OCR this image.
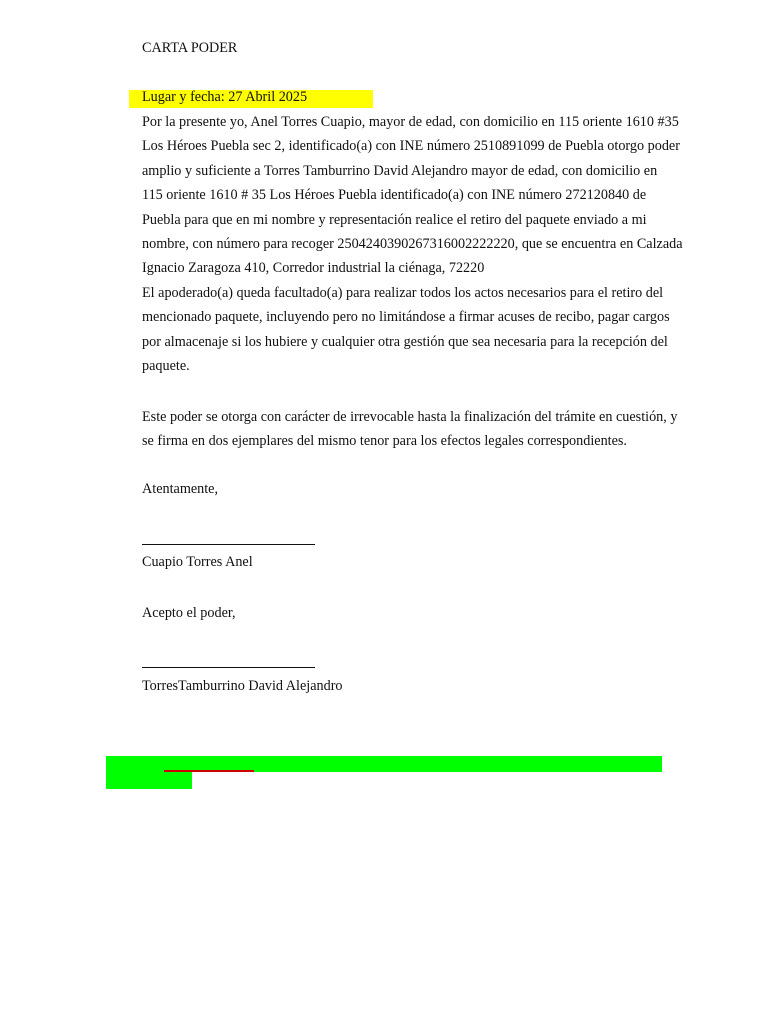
CARTA PODER
Lugar y fecha: 27 Abril 2025
Por la presente yo, Anel Torres Cuapio, mayor de edad, con domicilio en 115 oriente 1610 #35
Los Héroes Puebla sec 2, identificado(a) con INE número 2510891099 de Puebla otorgo poder
amplio y suficiente a Torres Tamburrino David Alejandro mayor de edad, con domicilio en
115 oriente 1610 # 35 Los Héroes Puebla identificado(a) con INE número 272120840 de
Puebla para que en mi nombre y representación realice el retiro del paquete enviado a mi
nombre, con número para recoger 2504240390267316002222220, que se encuentra en Calzada
Ignacio Zaragoza 410, Corredor industrial la ciénaga, 72220
El apoderado(a) queda facultado(a) para realizar todos los actos necesarios para el retiro del
mencionado paquete, incluyendo pero no limitándose a firmar acuses de recibo, pagar cargos
por almacenaje si los hubiere y cualquier otra gestión que sea necesaria para la recepción del
paquete.
Este poder se otorga con carácter de irrevocable hasta la finalización del trámite en cuestión, y
se firma en dos ejemplares del mismo tenor para los efectos legales correspondientes.
Atentamente,
Cuapio Torres Anel
Acepto el poder,
TorresTamburrino David Alejandro
